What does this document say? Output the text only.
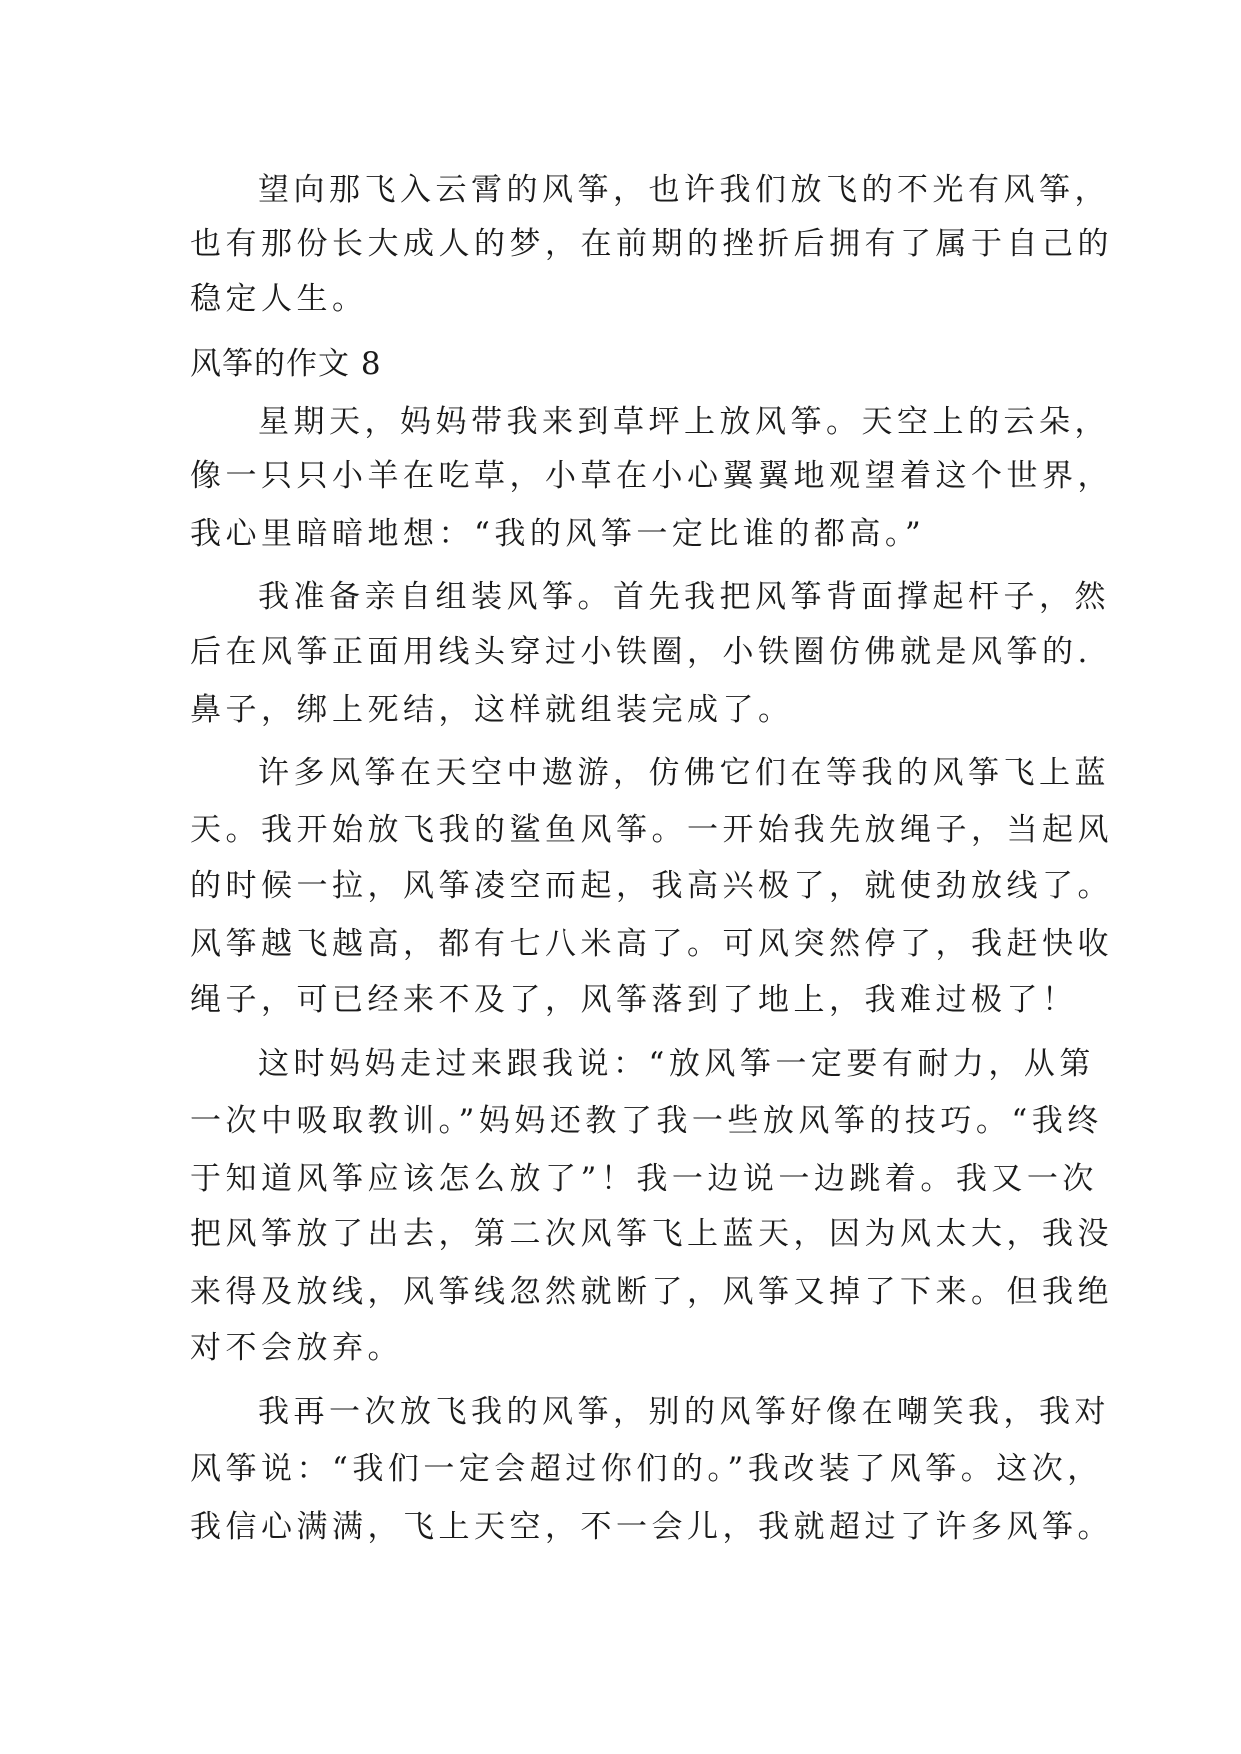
望向那飞入云霄的风筝，也许我们放飞的不光有风筝，
也有那份长大成人的梦，在前期的挫折后拥有了属于自己的
稳定人生。
风筝的作文 8
星期天，妈妈带我来到草坪上放风筝。天空上的云朵，
像一只只小羊在吃草，小草在小心翼翼地观望着这个世界，
我心里暗暗地想：“我的风筝一定比谁的都高。”
我准备亲自组装风筝。首先我把风筝背面撑起杆子，然
后在风筝正面用线头穿过小铁圈，小铁圈仿佛就是风筝的.
鼻子，绑上死结，这样就组装完成了。
许多风筝在天空中遨游，仿佛它们在等我的风筝飞上蓝
天。我开始放飞我的鲨鱼风筝。一开始我先放绳子，当起风
的时候一拉，风筝凌空而起，我高兴极了，就使劲放线了。
风筝越飞越高，都有七八米高了。可风突然停了，我赶快收
绳子，可已经来不及了，风筝落到了地上，我难过极了！
这时妈妈走过来跟我说：“放风筝一定要有耐力，从第
一次中吸取教训。”妈妈还教了我一些放风筝的技巧。“我终
于知道风筝应该怎么放了”！我一边说一边跳着。我又一次
把风筝放了出去，第二次风筝飞上蓝天，因为风太大，我没
来得及放线，风筝线忽然就断了，风筝又掉了下来。但我绝
对不会放弃。
我再一次放飞我的风筝，别的风筝好像在嘲笑我，我对
风筝说：“我们一定会超过你们的。”我改装了风筝。这次，
我信心满满，飞上天空，不一会儿，我就超过了许多风筝。
